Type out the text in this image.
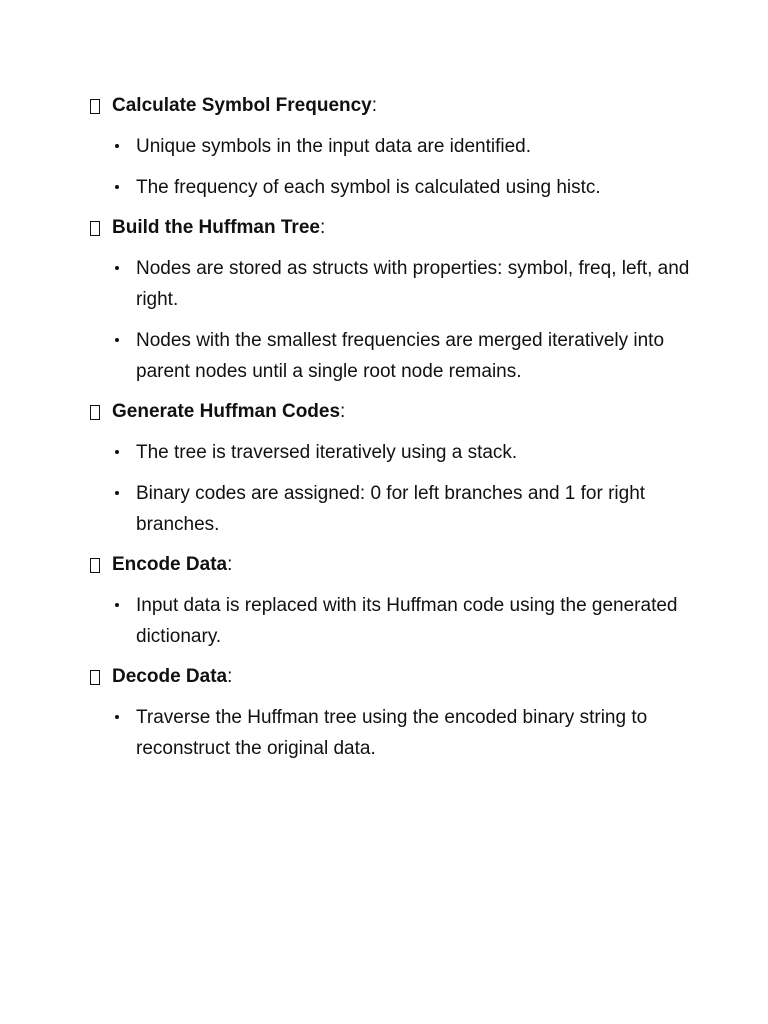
Calculate Symbol Frequency :
Unique symbols in the input data are identified.
The frequency of each symbol is calculated using histc.
Build the Huffman Tree :
Nodes are stored as structs with properties: symbol, freq, left, and right.
Nodes with the smallest frequencies are merged iteratively into parent nodes until a single root node remains.
Generate Huffman Codes :
The tree is traversed iteratively using a stack.
Binary codes are assigned: 0 for left branches and 1 for right branches.
Encode Data :
Input data is replaced with its Huffman code using the generated dictionary.
Decode Data :
Traverse the Huffman tree using the encoded binary string to reconstruct the original data.
